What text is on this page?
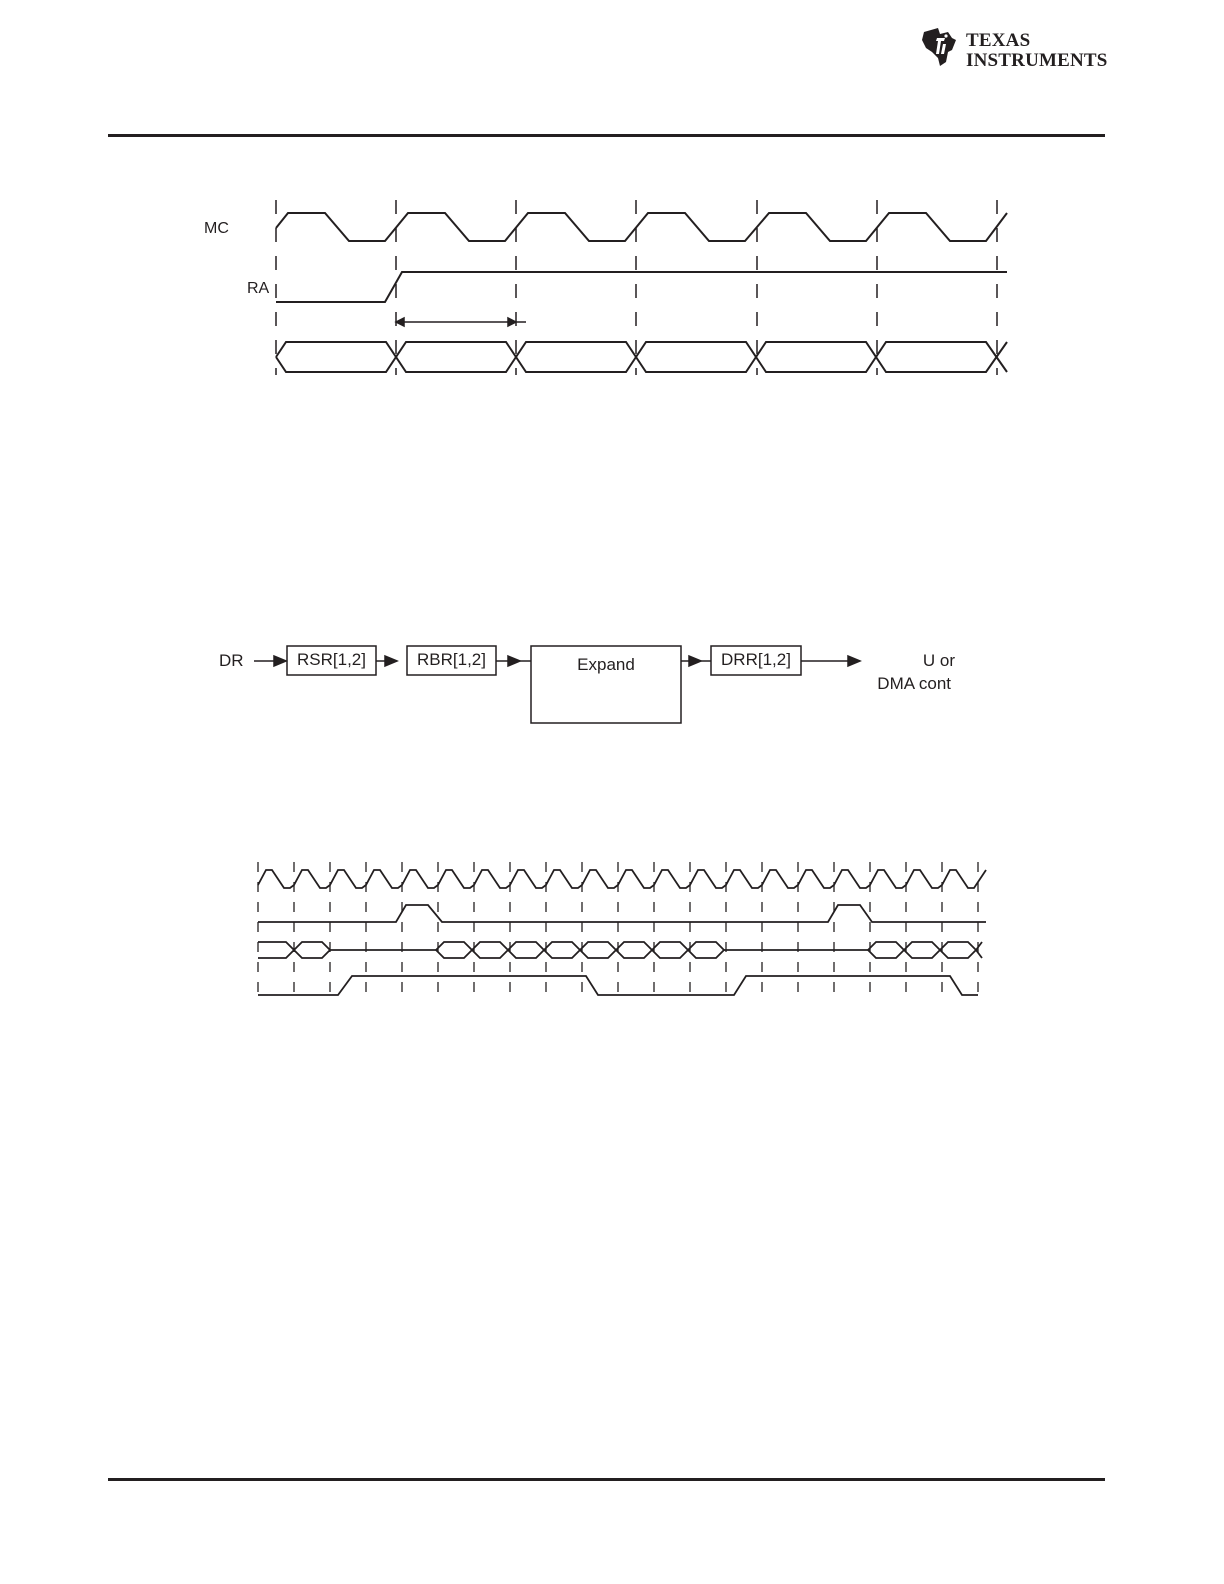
TEXAS
INSTRUMENTS
MC
RA
DR	RSR[1,2]	RBR[1,2]	Expand	DRR[1,2]	U or
DMA cont
